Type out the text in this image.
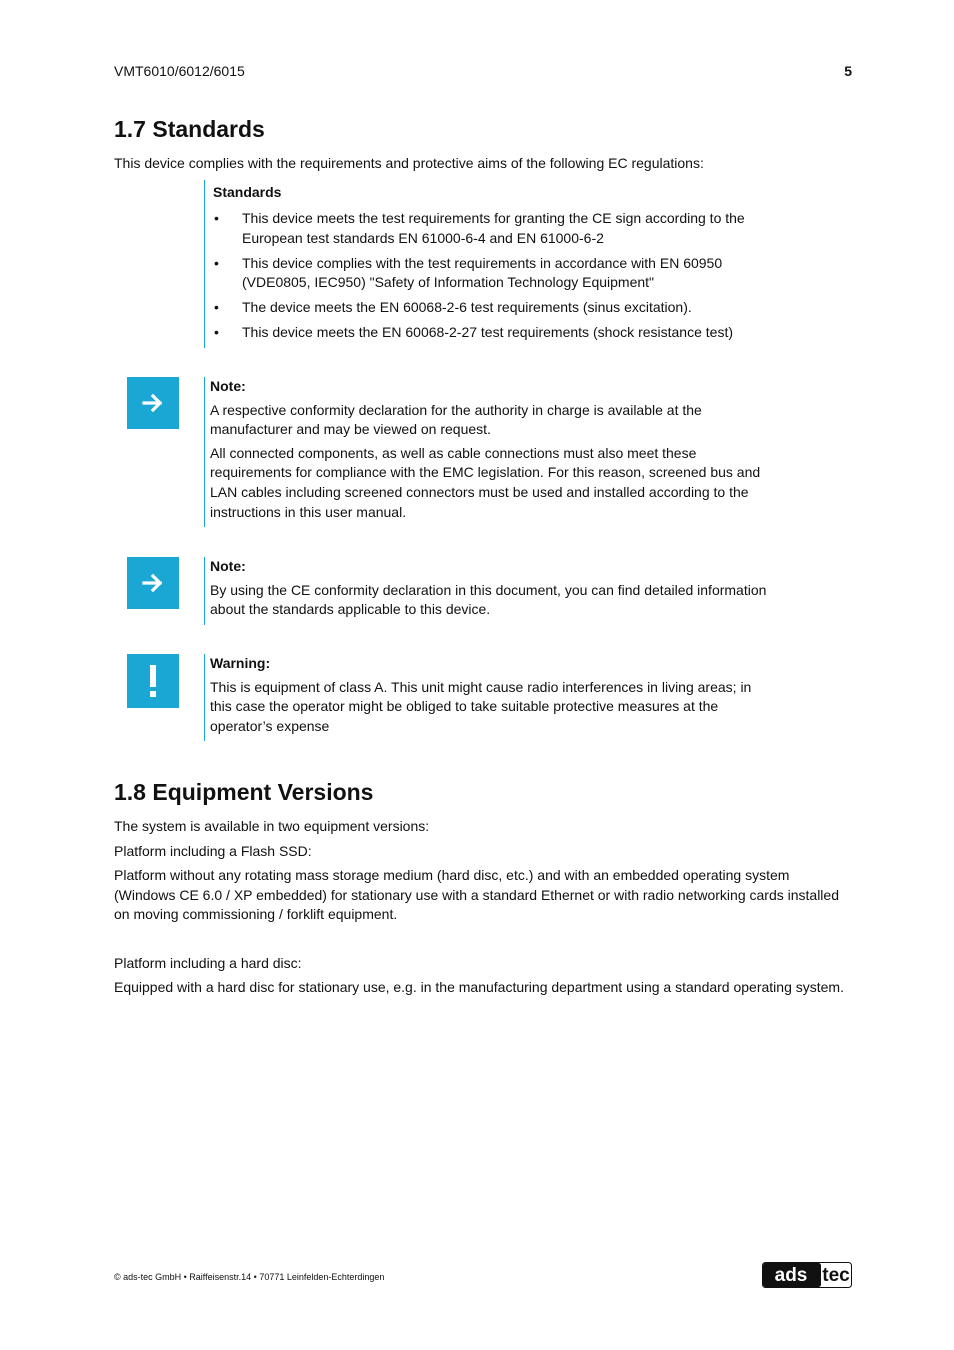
VMT6010/6012/6015	5
1.7 Standards

This device complies with the requirements and protective aims of the following EC regulations:

Standards
• This device meets the test requirements for granting the CE sign according to the European test standards EN 61000-6-4 and EN 61000-6-2
• This device complies with the test requirements in accordance with EN 60950 (VDE0805, IEC950) "Safety of Information Technology Equipment"
• The device meets the EN 60068-2-6 test requirements (sinus excitation).
• This device meets the EN 60068-2-27 test requirements (shock resistance test)
Note:

A respective conformity declaration for the authority in charge is available at the manufacturer and may be viewed on request.

All connected components, as well as cable connections must also meet these requirements for compliance with the EMC legislation. For this reason, screened bus and LAN cables including screened connectors must be used and installed according to the instructions in this user manual.

Note:

By using the CE conformity declaration in this document, you can find detailed information about the standards applicable to this device.

Warning:

This is equipment of class A. This unit might cause radio interferences in living areas; in this case the operator might be obliged to take suitable protective measures at the operator’s expense

1.8 Equipment Versions

The system is available in two equipment versions:

Platform including a Flash SSD:

Platform without any rotating mass storage medium (hard disc, etc.) and with an embedded operating system (Windows CE 6.0 / XP embedded) for stationary use with a standard Ethernet or with radio networking cards installed on moving commissioning / forklift equipment.

Platform including a hard disc:

Equipped with a hard disc for stationary use, e.g. in the manufacturing department using a standard operating system.

© ads-tec GmbH • Raiffeisenstr.14 • 70771 Leinfelden-Echterdingen	ads tec
